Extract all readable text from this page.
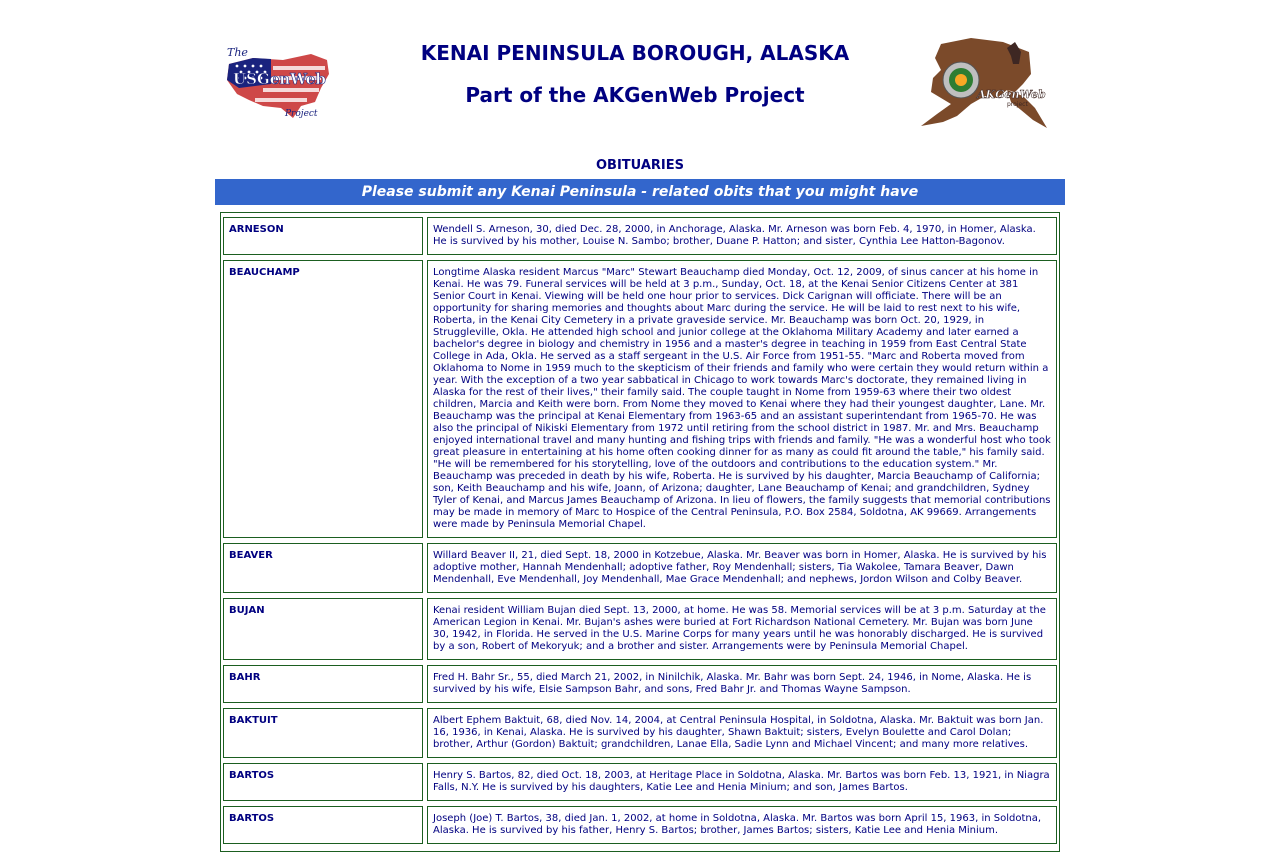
The
USGenWeb
Project
KENAI PENINSULA BOROUGH, ALASKA
Part of the AKGenWeb Project	AKGenWeb
project
OBITUARIES
Please submit any Kenai Peninsula - related obits that you might have
ARNESON	Wendell S. Arneson, 30, died Dec. 28, 2000, in Anchorage, Alaska. Mr. Arneson was born Feb. 4, 1970, in Homer, Alaska. He is survived by his mother, Louise N. Sambo; brother, Duane P. Hatton; and sister, Cynthia Lee Hatton-Bagonov.
BEAUCHAMP	Longtime Alaska resident Marcus "Marc" Stewart Beauchamp died Monday, Oct. 12, 2009, of sinus cancer at his home in Kenai. He was 79. Funeral services will be held at 3 p.m., Sunday, Oct. 18, at the Kenai Senior Citizens Center at 381 Senior Court in Kenai. Viewing will be held one hour prior to services. Dick Carignan will officiate. There will be an opportunity for sharing memories and thoughts about Marc during the service. He will be laid to rest next to his wife, Roberta, in the Kenai City Cemetery in a private graveside service. Mr. Beauchamp was born Oct. 20, 1929, in Struggleville, Okla. He attended high school and junior college at the Oklahoma Military Academy and later earned a bachelor's degree in biology and chemistry in 1956 and a master's degree in teaching in 1959 from East Central State College in Ada, Okla. He served as a staff sergeant in the U.S. Air Force from 1951-55. "Marc and Roberta moved from Oklahoma to Nome in 1959 much to the skepticism of their friends and family who were certain they would return within a year. With the exception of a two year sabbatical in Chicago to work towards Marc's doctorate, they remained living in Alaska for the rest of their lives," their family said. The couple taught in Nome from 1959-63 where their two oldest children, Marcia and Keith were born. From Nome they moved to Kenai where they had their youngest daughter, Lane. Mr. Beauchamp was the principal at Kenai Elementary from 1963-65 and an assistant superintendant from 1965-70. He was also the principal of Nikiski Elementary from 1972 until retiring from the school district in 1987. Mr. and Mrs. Beauchamp enjoyed international travel and many hunting and fishing trips with friends and family. "He was a wonderful host who took great pleasure in entertaining at his home often cooking dinner for as many as could fit around the table," his family said. "He will be remembered for his storytelling, love of the outdoors and contributions to the education system." Mr. Beauchamp was preceded in death by his wife, Roberta. He is survived by his daughter, Marcia Beauchamp of California; son, Keith Beauchamp and his wife, Joann, of Arizona; daughter, Lane Beauchamp of Kenai; and grandchildren, Sydney Tyler of Kenai, and Marcus James Beauchamp of Arizona. In lieu of flowers, the family suggests that memorial contributions may be made in memory of Marc to Hospice of the Central Peninsula, P.O. Box 2584, Soldotna, AK 99669. Arrangements were made by Peninsula Memorial Chapel.
BEAVER	Willard Beaver II, 21, died Sept. 18, 2000 in Kotzebue, Alaska. Mr. Beaver was born in Homer, Alaska. He is survived by his adoptive mother, Hannah Mendenhall; adoptive father, Roy Mendenhall; sisters, Tia Wakolee, Tamara Beaver, Dawn Mendenhall, Eve Mendenhall, Joy Mendenhall, Mae Grace Mendenhall; and nephews, Jordon Wilson and Colby Beaver.
BUJAN	Kenai resident William Bujan died Sept. 13, 2000, at home. He was 58. Memorial services will be at 3 p.m. Saturday at the American Legion in Kenai. Mr. Bujan's ashes were buried at Fort Richardson National Cemetery. Mr. Bujan was born June 30, 1942, in Florida. He served in the U.S. Marine Corps for many years until he was honorably discharged. He is survived by a son, Robert of Mekoryuk; and a brother and sister. Arrangements were by Peninsula Memorial Chapel.
BAHR	Fred H. Bahr Sr., 55, died March 21, 2002, in Ninilchik, Alaska. Mr. Bahr was born Sept. 24, 1946, in Nome, Alaska. He is survived by his wife, Elsie Sampson Bahr, and sons, Fred Bahr Jr. and Thomas Wayne Sampson.
BAKTUIT	Albert Ephem Baktuit, 68, died Nov. 14, 2004, at Central Peninsula Hospital, in Soldotna, Alaska. Mr. Baktuit was born Jan. 16, 1936, in Kenai, Alaska. He is survived by his daughter, Shawn Baktuit; sisters, Evelyn Boulette and Carol Dolan; brother, Arthur (Gordon) Baktuit; grandchildren, Lanae Ella, Sadie Lynn and Michael Vincent; and many more relatives.
BARTOS	Henry S. Bartos, 82, died Oct. 18, 2003, at Heritage Place in Soldotna, Alaska. Mr. Bartos was born Feb. 13, 1921, in Niagra Falls, N.Y. He is survived by his daughters, Katie Lee and Henia Minium; and son, James Bartos.
BARTOS	Joseph (Joe) T. Bartos, 38, died Jan. 1, 2002, at home in Soldotna, Alaska. Mr. Bartos was born April 15, 1963, in Soldotna, Alaska. He is survived by his father, Henry S. Bartos; brother, James Bartos; sisters, Katie Lee and Henia Minium.
